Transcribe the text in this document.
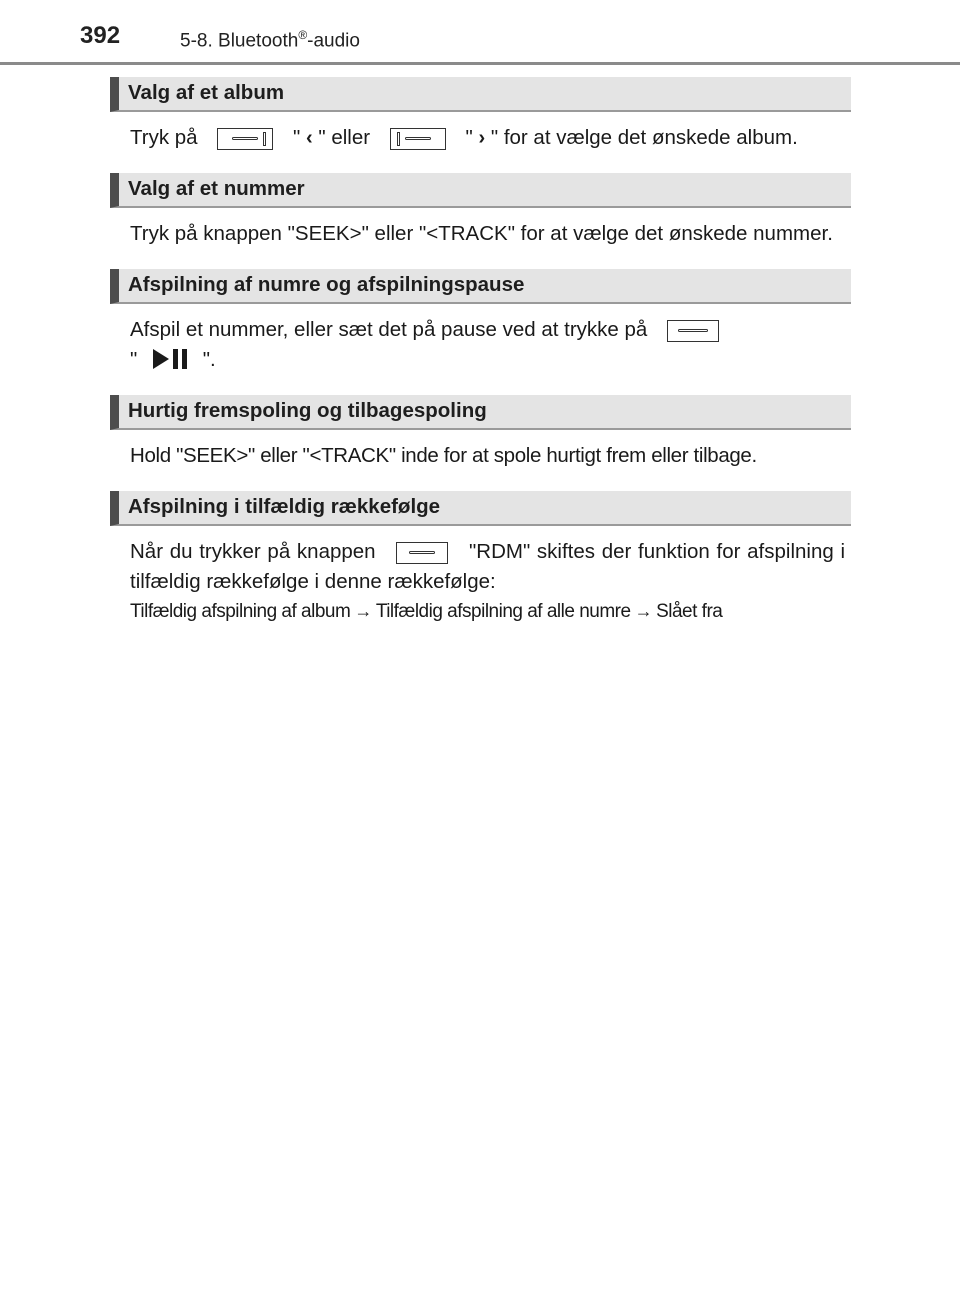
392	5-8. Bluetooth®-audio
Valg af et album
Tryk på	" ‹ " eller	" › " for at vælge det ønskede album.
Valg af et nummer
Tryk på knappen "SEEK>" eller "<TRACK" for at vælge det ønskede nummer.
Afspilning af numre og afspilningspause
Afspil et nummer, eller sæt det på pause ved at trykke på

"	".
Hurtig fremspoling og tilbagespoling
Hold "SEEK>" eller "<TRACK" inde for at spole hurtigt frem eller tilbage.
Afspilning i tilfældig rækkefølge
Når du trykker på knappen	"RDM" skiftes der funktion for afspilning i tilfældig rækkefølge i denne rækkefølge:
Tilfældig afspilning af album → Tilfældig afspilning af alle numre → Slået fra
